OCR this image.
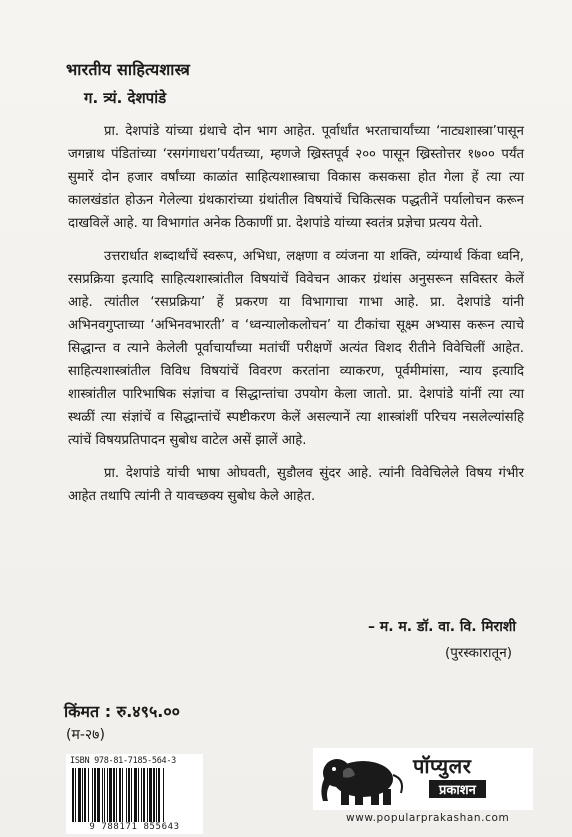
भारतीय साहित्यशास्त्र
ग. त्र्यं. देशपांडे

प्रा. देशपांडे यांच्या ग्रंथाचे दोन भाग आहेत. पूर्वार्धांत भरताचार्यांच्या ‘नाट्यशास्त्रा’पासून जगन्नाथ पंडितांच्या ‘रसगंगाधरा’पर्यंतच्या, म्हणजे ख्रिस्तपूर्व २०० पासून ख्रिस्तोत्तर १७०० पर्यंत सुमारें दोन हजार वर्षांच्या काळांत साहित्यशास्त्राचा विकास कसकसा होत गेला हें त्या त्या कालखंडांत होऊन गेलेल्या ग्रंथकारांच्या ग्रंथांतील विषयांचें चिकित्सक पद्धतीनें पर्यालोचन करून दाखविलें आहे. या विभागांत अनेक ठिकाणीं प्रा. देशपांडे यांच्या स्वतंत्र प्रज्ञेचा प्रत्यय येतो.

उत्तरार्धात शब्दार्थांचें स्वरूप, अभिधा, लक्षणा व व्यंजना या शक्ति, व्यंग्यार्थ किंवा ध्वनि, रसप्रक्रिया इत्यादि साहित्यशास्त्रांतील विषयांचें विवेचन आकर ग्रंथांस अनुसरून सविस्तर केलें आहे. त्यांतील ‘रसप्रक्रिया’ हें प्रकरण या विभागाचा गाभा आहे. प्रा. देशपांडे यांनी अभिनवगुप्ताच्या ‘अभिनवभारती’ व ‘ध्वन्यालोकलोचन’ या टीकांचा सूक्ष्म अभ्यास करून त्याचे सिद्धान्त व त्याने केलेली पूर्वाचार्यांच्या मतांचीं परीक्षणें अत्यंत विशद रीतीने विवेचिलीं आहेत. साहित्यशास्त्रांतील विविध विषयांचें विवरण करतांना व्याकरण, पूर्वमीमांसा, न्याय इत्यादि शास्त्रांतील पारिभाषिक संज्ञांचा व सिद्धान्तांचा उपयोग केला जातो. प्रा. देशपांडे यांनीं त्या त्या स्थळीं त्या संज्ञांचें व सिद्धान्तांचें स्पष्टीकरण केलें असल्यानें त्या शास्त्रांशीं परिचय नसलेल्यांसहि त्यांचें विषयप्रतिपादन सुबोध वाटेल असें झालें आहे.

प्रा. देशपांडे यांची भाषा ओघवती, सुडौलव सुंदर आहे. त्यांनी विवेचिलेले विषय गंभीर आहेत तथापि त्यांनी ते यावच्छक्य सुबोध केले आहेत.

– म. म. डॉ. वा. वि. मिराशी
(पुरस्कारातून)
किंमत : रु.४९५.००
(म-२७)
ISBN 978-81-7185-564-3
9 788171 855643
पॉप्युलर
प्रकाशन
www.popularprakashan.com
